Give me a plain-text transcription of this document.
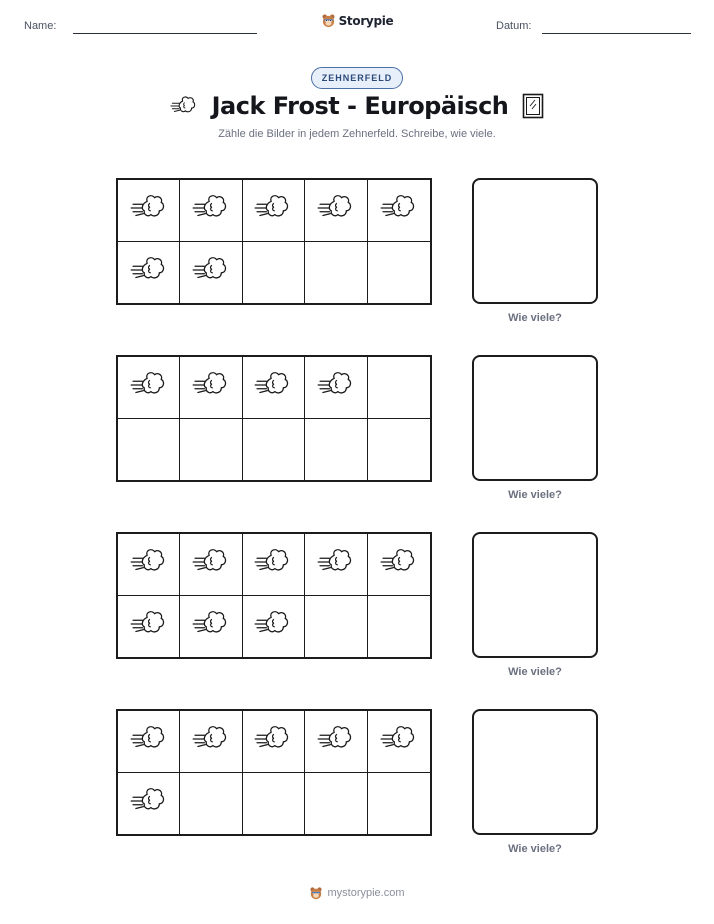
Name:	Storypie	Datum:
ZEHNERFELD
Jack Frost - Europäisch
Zähle die Bilder in jedem Zehnerfeld. Schreibe, wie viele.
Wie viele?
Wie viele?
Wie viele?
Wie viele?
mystorypie.com
